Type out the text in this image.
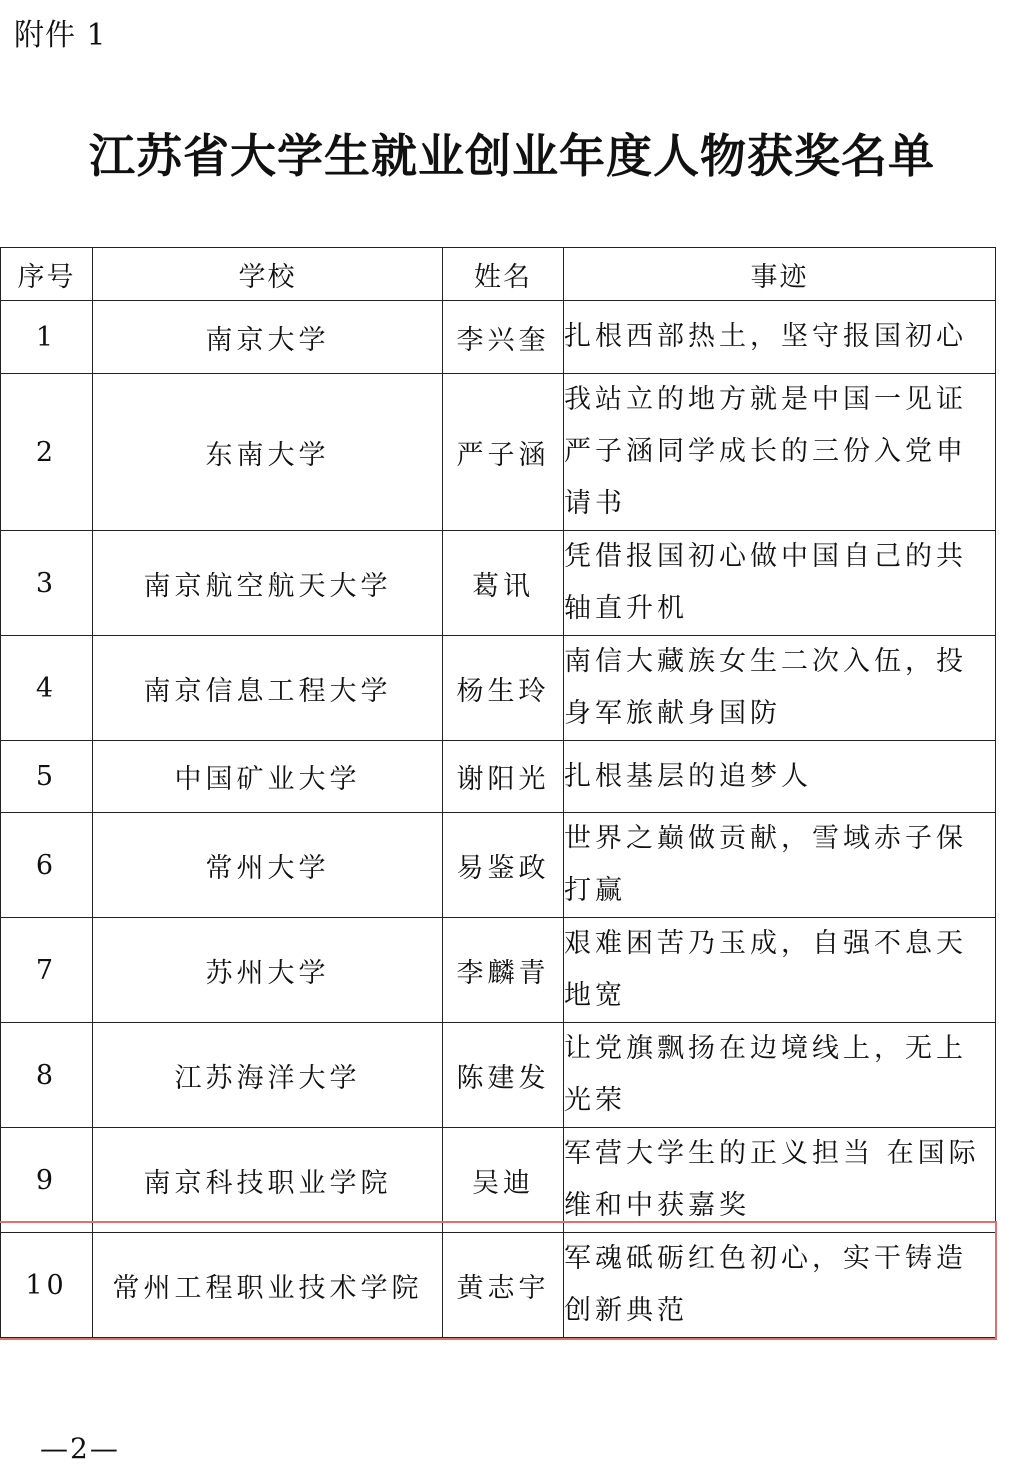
附件 1
江苏省大学生就业创业年度人物获奖名单
序号	学校	姓名	事迹
1	南京大学	李兴奎	扎根西部热土，坚守报国初心
2	东南大学	严子涵	我站立的地方就是中国一见证严子涵同学成长的三份入党申请书
3	南京航空航天大学	葛讯	凭借报国初心做中国自己的共轴直升机
4	南京信息工程大学	杨生玲	南信大藏族女生二次入伍，投身军旅献身国防
5	中国矿业大学	谢阳光	扎根基层的追梦人
6	常州大学	易鉴政	世界之巅做贡献，雪域赤子保打赢
7	苏州大学	李麟青	艰难困苦乃玉成，自强不息天地宽
8	江苏海洋大学	陈建发	让党旗飘扬在边境线上，无上光荣
9	南京科技职业学院	吴迪	军营大学生的正义担当 在国际维和中获嘉奖
10	常州工程职业技术学院	黄志宇	军魂砥砺红色初心，实干铸造创新典范
—2—
